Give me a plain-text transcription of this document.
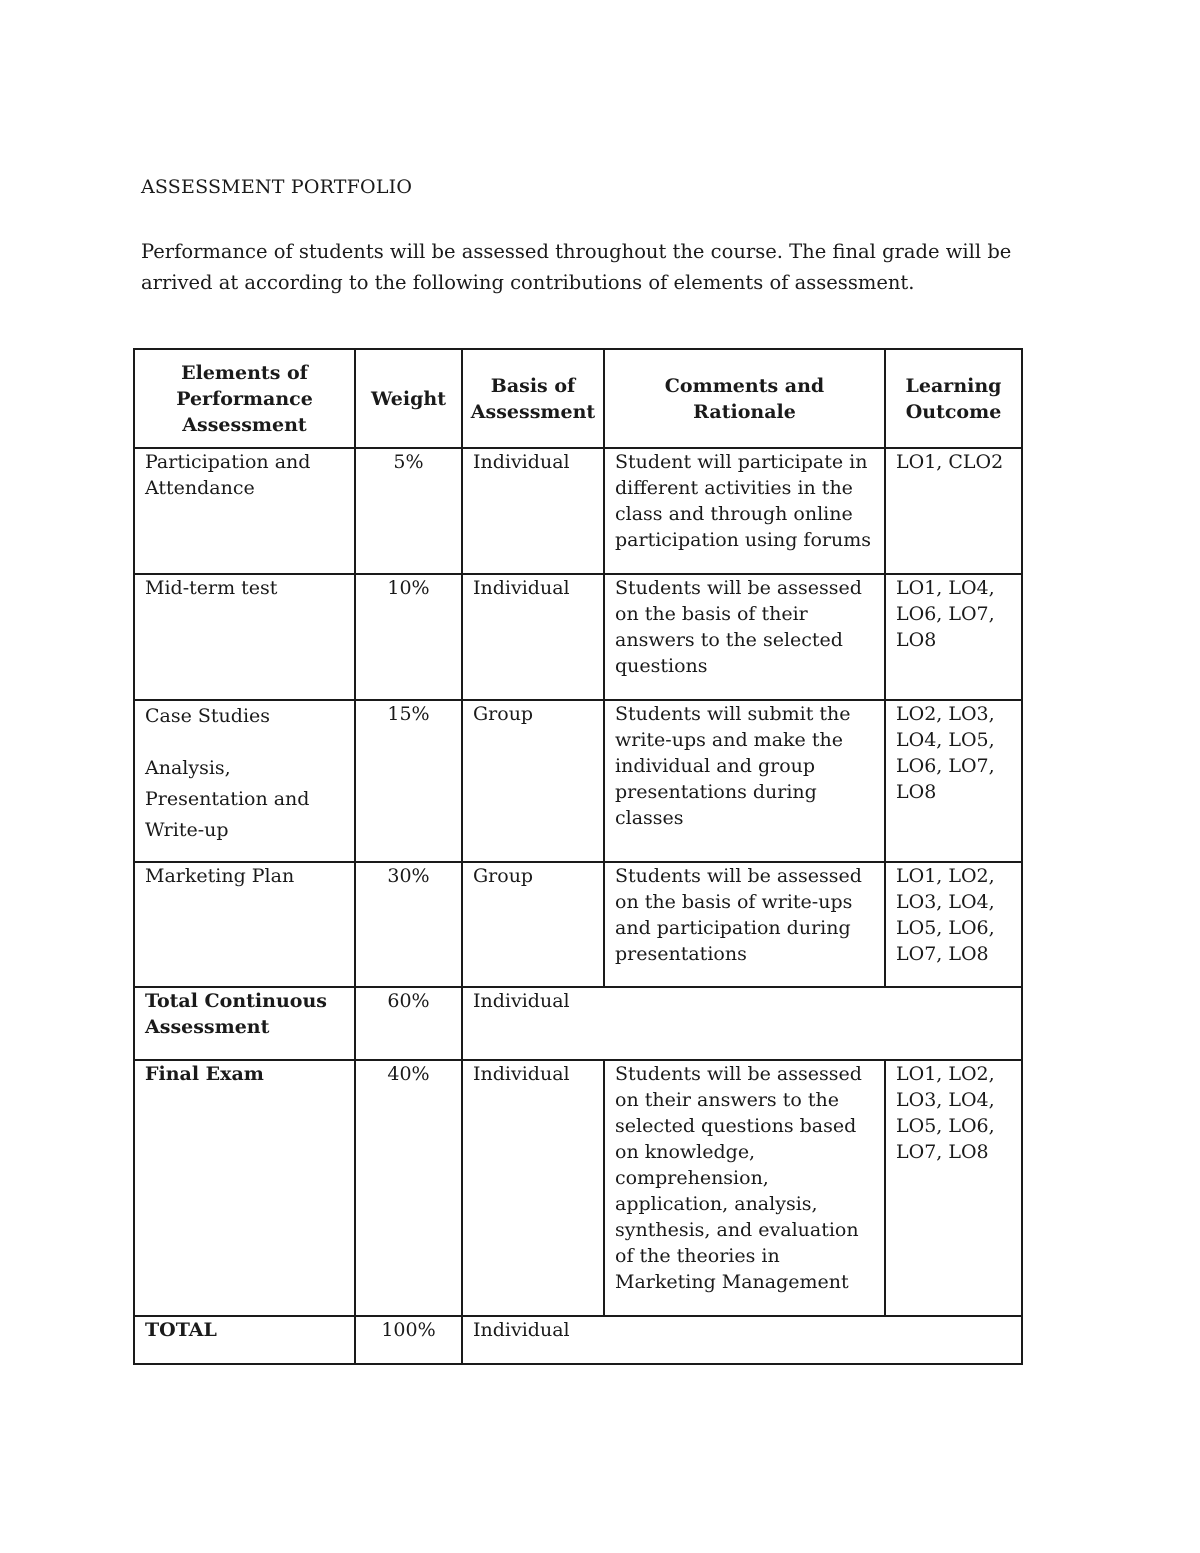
ASSESSMENT PORTFOLIO

Performance of students will be assessed throughout the course. The final grade will be arrived at according to the following contributions of elements of assessment.

Elements of Performance Assessment	Weight	Basis of Assessment	Comments and Rationale	Learning Outcome
Participation and Attendance	5%	Individual	Student will participate in different activities in the class and through online participation using forums	LO1, CLO2
Mid-term test	10%	Individual	Students will be assessed on the basis of their answers to the selected questions	LO1, LO4, LO6, LO7, LO8

Case Studies
Analysis,
Presentation and
Write-up	15%	Group	Students will submit the write-ups and make the individual and group presentations during classes	LO2, LO3, LO4, LO5, LO6, LO7, LO8
Marketing Plan	30%	Group	Students will be assessed on the basis of write-ups and participation during presentations	LO1, LO2, LO3, LO4, LO5, LO6, LO7, LO8
Total Continuous Assessment	60%	Individual		
Final Exam	40%	Individual	Students will be assessed on their answers to the selected questions based on knowledge, comprehension, application, analysis, synthesis, and evaluation of the theories in Marketing Management	LO1, LO2, LO3, LO4, LO5, LO6, LO7, LO8
TOTAL	100%	Individual		
